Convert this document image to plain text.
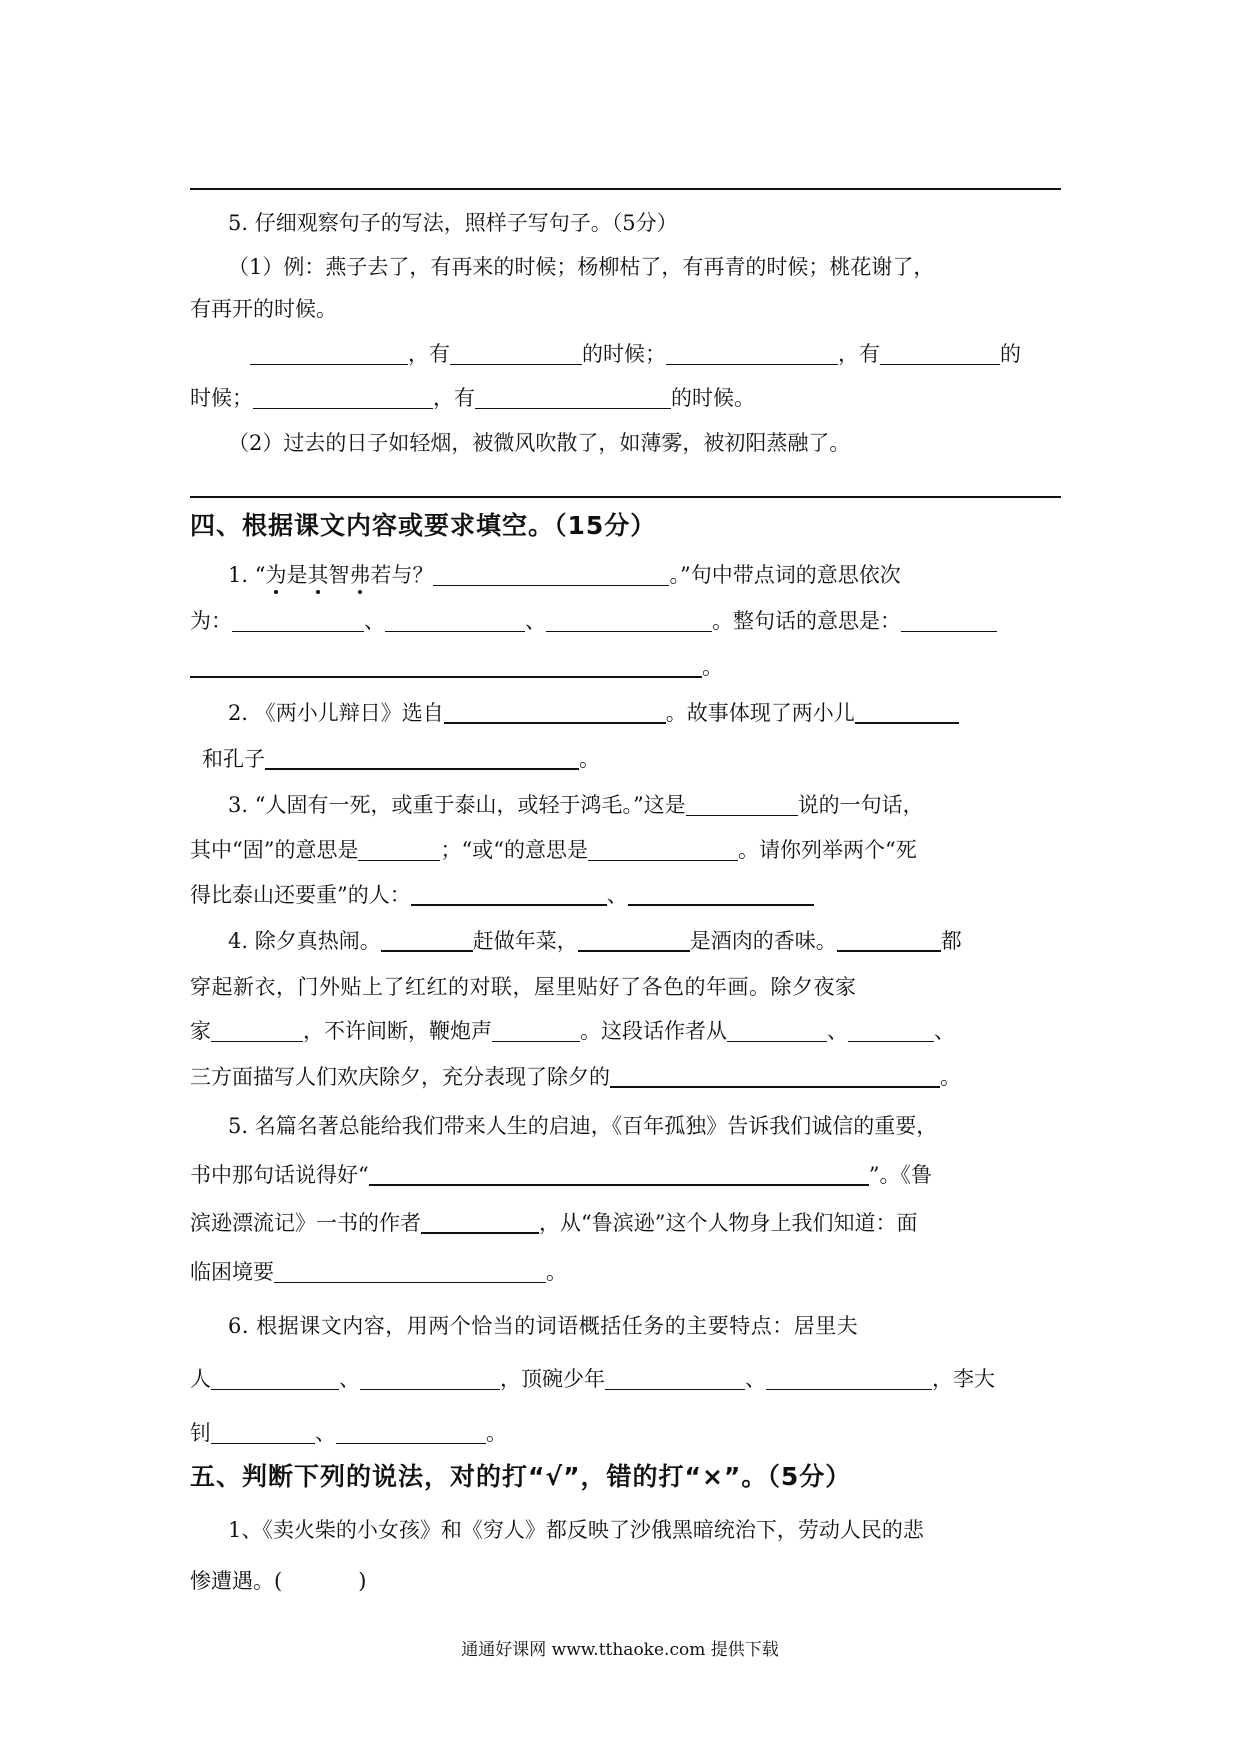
5. 仔细观察句子的写法，照样子写句子。（5分）
（1）例：燕子去了，有再来的时候；杨柳枯了，有再青的时候；桃花谢了，
有再开的时候。
，有	的时候；	，有	的
时候；	，有	的时候。
（2）过去的日子如轻烟，被微风吹散了，如薄雾，被初阳蒸融了。
四、根据课文内容或要求填空。（15分）
1. “为是其智弗若与？	。”句中带点词的意思依次
为：	、	、	。整句话的意思是：
。
2. 《两小儿辩日》选自	。故事体现了两小儿
和孔子	。
3. “人固有一死，或重于泰山，或轻于鸿毛。”这是	说的一句话，
其中“固”的意思是	；“或“的意思是	。请你列举两个“死
得比泰山还要重”的人：	、
4. 除夕真热闹。	赶做年菜，	是酒肉的香味。	都
穿起新衣，门外贴上了红红的对联，屋里贴好了各色的年画。除夕夜家
家	，不许间断，鞭炮声	。这段话作者从	、	、
三方面描写人们欢庆除夕，充分表现了除夕的	。
5. 名篇名著总能给我们带来人生的启迪，《百年孤独》告诉我们诚信的重要，
书中那句话说得好“	”。《鲁
滨逊漂流记》一书的作者	，从“鲁滨逊”这个人物身上我们知道：面
临困境要	。
6. 根据课文内容，用两个恰当的词语概括任务的主要特点：居里夫
人	、	，顶碗少年	、	，李大
钊	、	。
五、判断下列的说法，对的打“√”，错的打“×”。（5分）
1、《卖火柴的小女孩》和《穷人》都反映了沙俄黑暗统治下，劳动人民的悲
惨遭遇。(	)
通通好课网 www.tthaoke.com 提供下载
